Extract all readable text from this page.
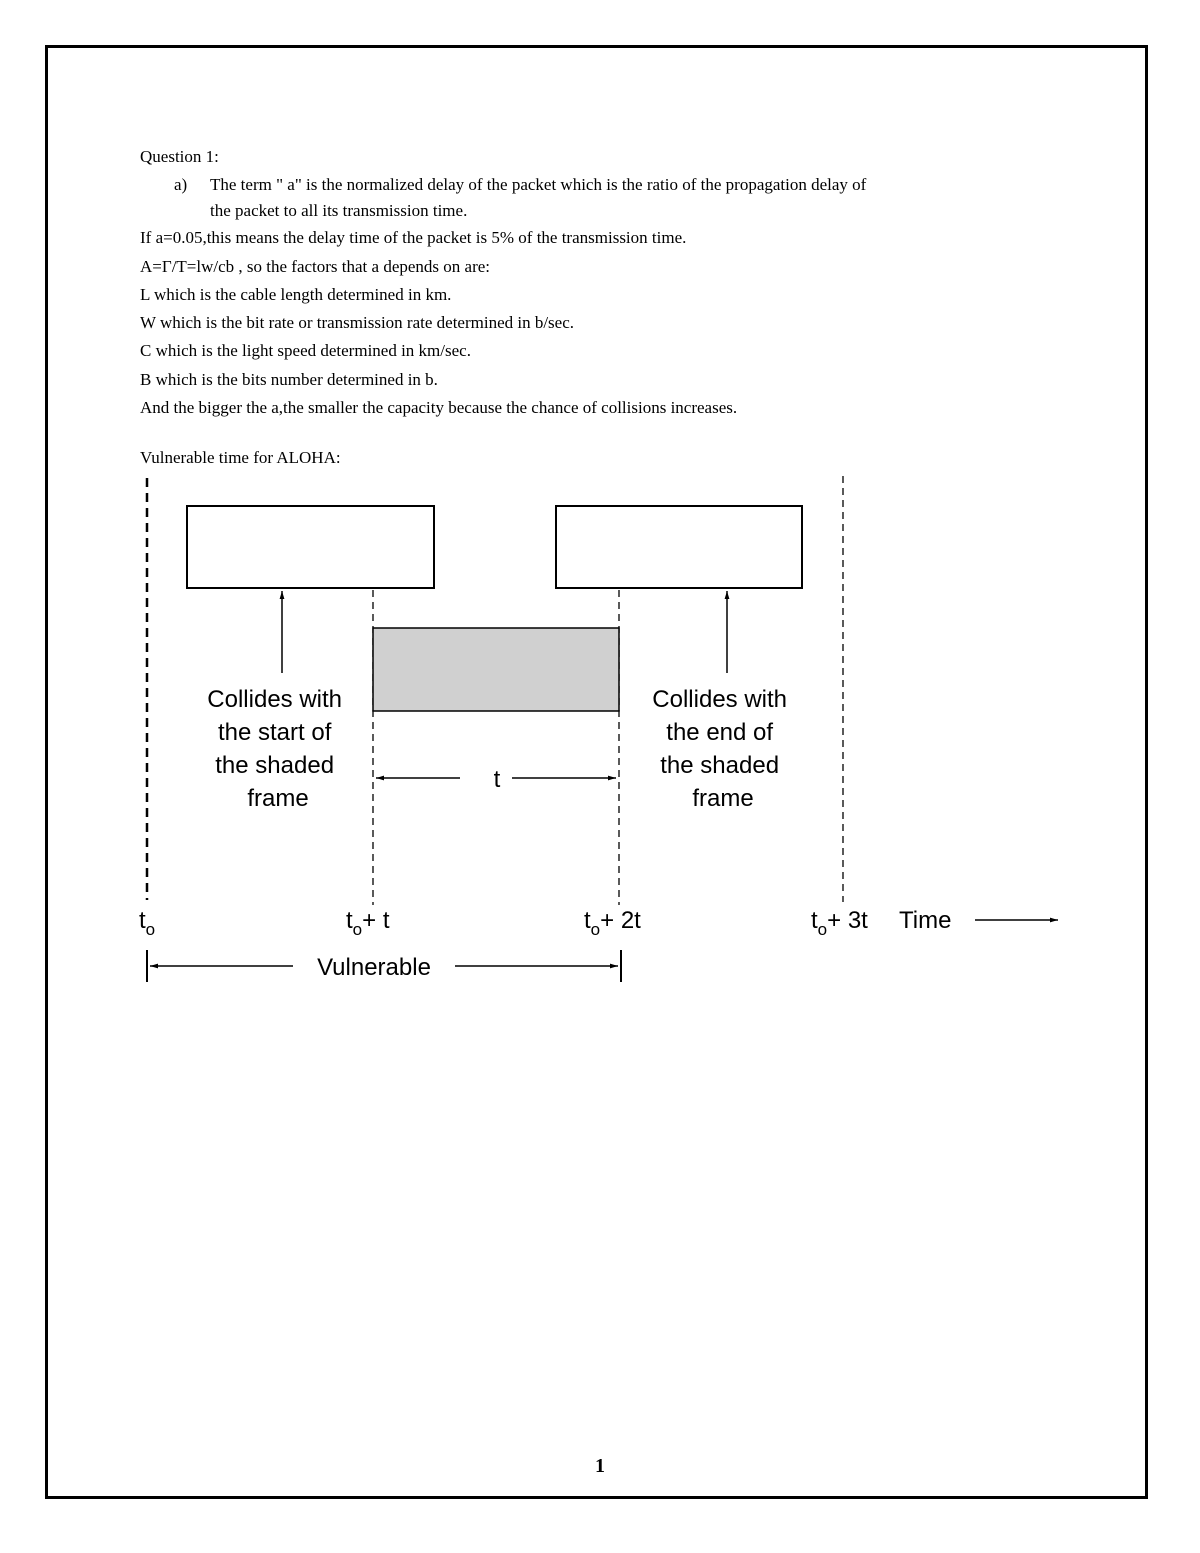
Question 1:
a)	The term " a" is the normalized delay of the packet which is the ratio of the propagation delay of
the packet to all its transmission time.
If a=0.05,this means the delay time of the packet is 5% of the transmission time.
A=Γ/T=lw/cb , so the factors that a depends on are:
L which is the cable length determined in km.
W which is the bit rate or transmission rate determined in b/sec.
C which is the light speed determined in km/sec.
B which is the bits number determined in b.
And the bigger the a,the smaller the capacity because the chance of collisions increases.
Vulnerable time for ALOHA:
Collides with the start of the shaded frame
Collides with the end of the shaded frame
t
$t_o$	$t_o+ t$	$t_o+ 2t$	$t_o+ 3t$ Time
Vulnerable
1
